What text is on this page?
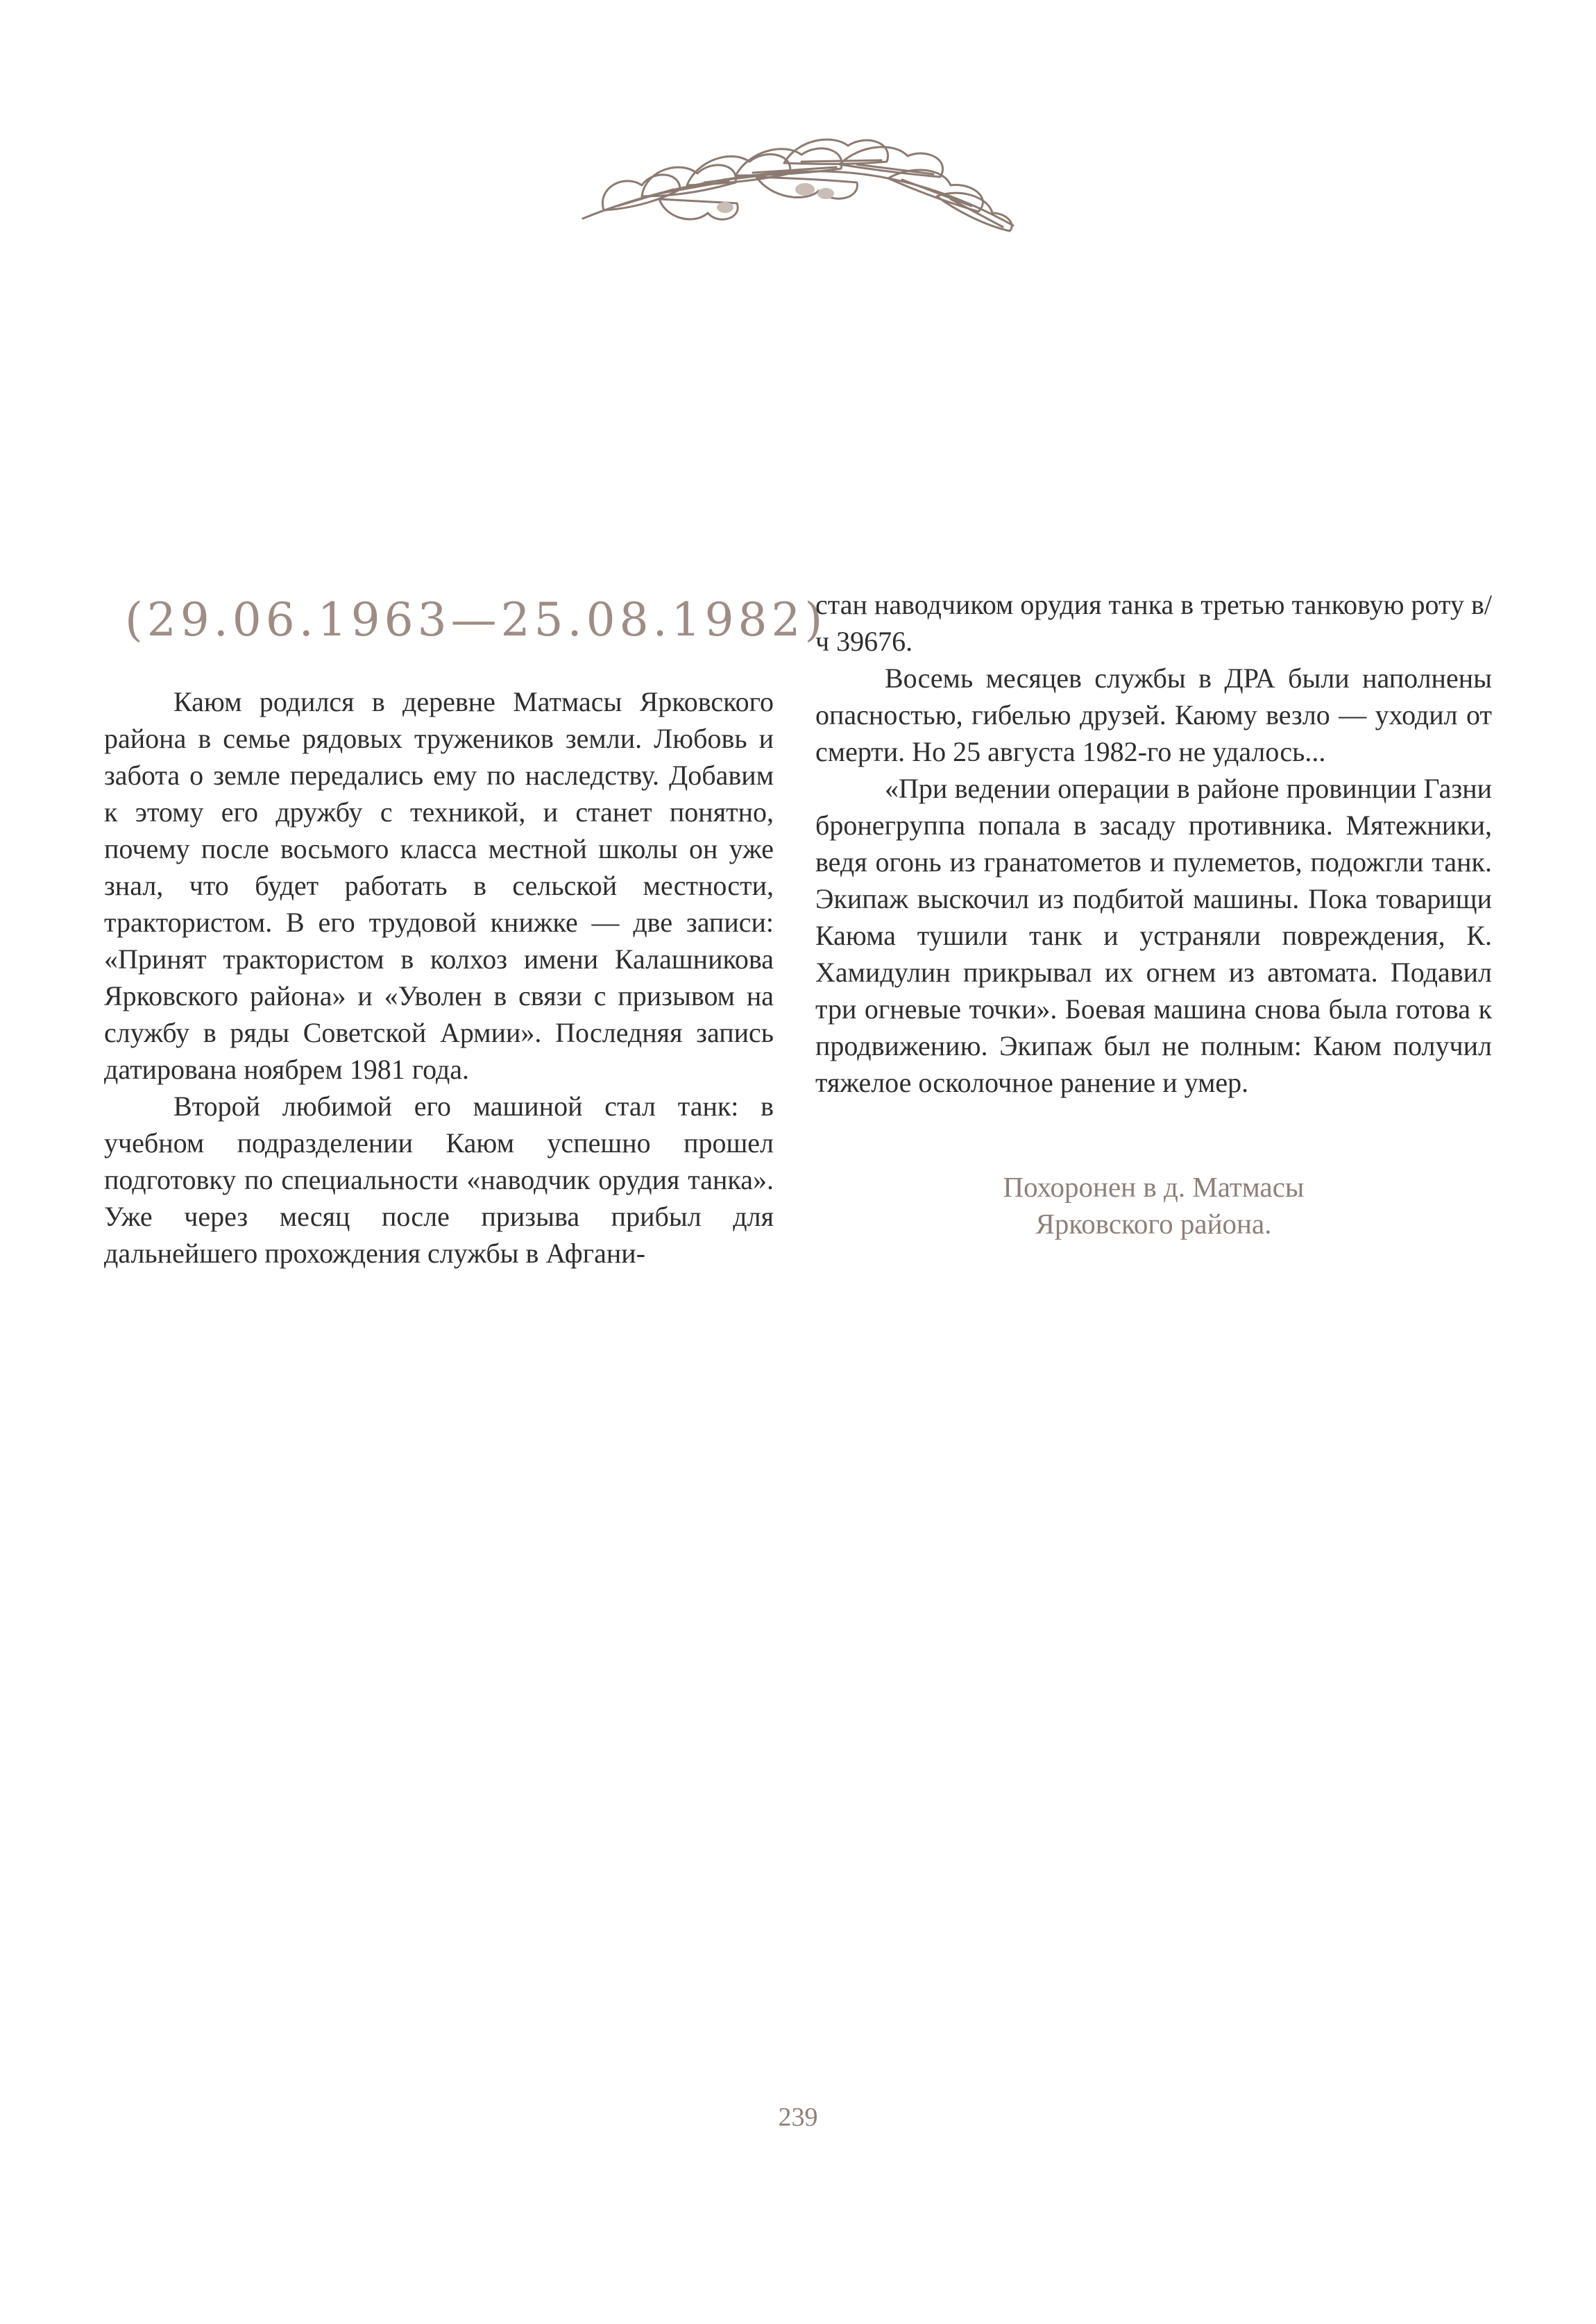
(29.06.1963—25.08.1982)

Каюм родился в деревне Матмасы Ярковского района в семье рядовых тружеников земли. Любовь и забота о земле передались ему по наследству. Добавим к этому его дружбу с техникой, и станет понятно, почему после восьмого класса местной школы он уже знал, что будет работать в сельской местности, трактористом. В его трудовой книжке — две записи: «Принят трактористом в колхоз имени Калашникова Ярковского района» и «Уволен в связи с призывом на службу в ряды Советской Армии». Последняя запись датирована ноябрем 1981 года.

Второй любимой его машиной стал танк: в учебном подразделении Каюм успешно прошел подготовку по специальности «наводчик орудия танка». Уже через месяц после призыва прибыл для дальнейшего прохождения службы в Афгани-

стан наводчиком орудия танка в третью танковую роту в/ч 39676.

Восемь месяцев службы в ДРА были наполнены опасностью, гибелью друзей. Каюму везло — уходил от смерти. Но 25 августа 1982-го не удалось...

«При ведении операции в районе провинции Газни бронегруппа попала в засаду противника. Мятежники, ведя огонь из гранатометов и пулеметов, подожгли танк. Экипаж выскочил из подбитой машины. Пока товарищи Каюма тушили танк и устраняли повреждения, К. Хамидулин прикрывал их огнем из автомата. Подавил три огневые точки». Боевая машина снова была готова к продвижению. Экипаж был не полным: Каюм получил тяжелое осколочное ранение и умер.

Похоронен в д. Матмасы
Ярковского района.
239
